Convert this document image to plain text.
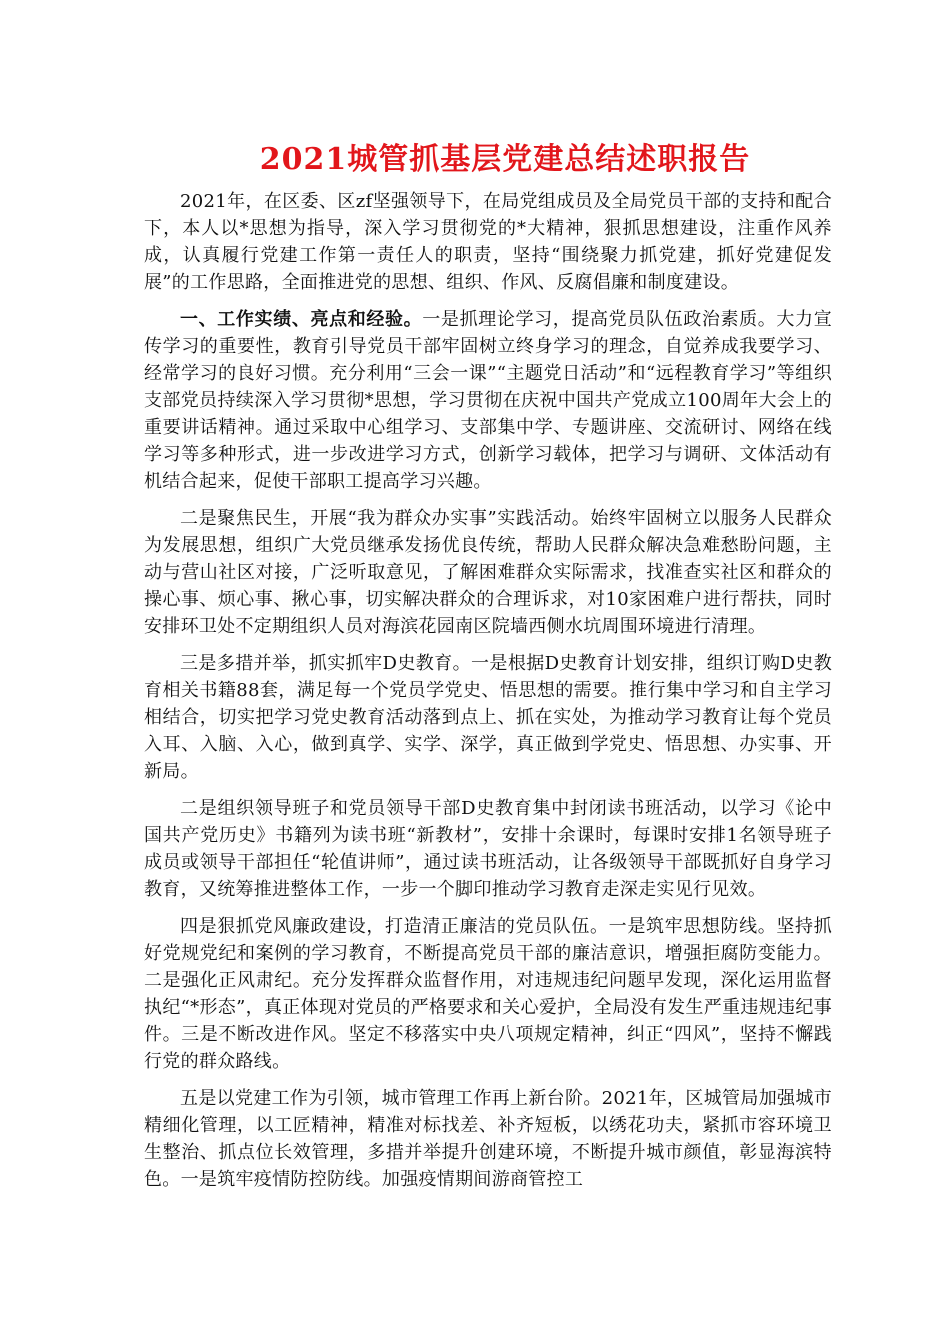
2021城管抓基层党建总结述职报告

2021年，在区委、区zf坚强领导下，在局党组成员及全局党员干部的支持和配合下，本人以*思想为指导，深入学习贯彻党的*大精神，狠抓思想建设，注重作风养成，认真履行党建工作第一责任人的职责，坚持“围绕聚力抓党建，抓好党建促发展”的工作思路，全面推进党的思想、组织、作风、反腐倡廉和制度建设。

一、工作实绩、亮点和经验。一是抓理论学习，提高党员队伍政治素质。大力宣传学习的重要性，教育引导党员干部牢固树立终身学习的理念，自觉养成我要学习、经常学习的良好习惯。充分利用“三会一课”“主题党日活动”和“远程教育学习”等组织支部党员持续深入学习贯彻*思想，学习贯彻在庆祝中国共产党成立100周年大会上的重要讲话精神。通过采取中心组学习、支部集中学、专题讲座、交流研讨、网络在线学习等多种形式，进一步改进学习方式，创新学习载体，把学习与调研、文体活动有机结合起来，促使干部职工提高学习兴趣。

二是聚焦民生，开展“我为群众办实事”实践活动。始终牢固树立以服务人民群众为发展思想，组织广大党员继承发扬优良传统，帮助人民群众解决急难愁盼问题，主动与营山社区对接，广泛听取意见，了解困难群众实际需求，找准查实社区和群众的操心事、烦心事、揪心事，切实解决群众的合理诉求，对10家困难户进行帮扶，同时安排环卫处不定期组织人员对海滨花园南区院墙西侧水坑周围环境进行清理。

三是多措并举，抓实抓牢D史教育。一是根据D史教育计划安排，组织订购D史教育相关书籍88套，满足每一个党员学党史、悟思想的需要。推行集中学习和自主学习相结合，切实把学习党史教育活动落到点上、抓在实处，为推动学习教育让每个党员入耳、入脑、入心，做到真学、实学、深学，真正做到学党史、悟思想、办实事、开新局。

二是组织领导班子和党员领导干部D史教育集中封闭读书班活动，以学习《论中国共产党历史》书籍列为读书班“新教材”，安排十余课时，每课时安排1名领导班子成员或领导干部担任“轮值讲师”，通过读书班活动，让各级领导干部既抓好自身学习教育，又统筹推进整体工作，一步一个脚印推动学习教育走深走实见行见效。

四是狠抓党风廉政建设，打造清正廉洁的党员队伍。一是筑牢思想防线。坚持抓好党规党纪和案例的学习教育，不断提高党员干部的廉洁意识，增强拒腐防变能力。二是强化正风肃纪。充分发挥群众监督作用，对违规违纪问题早发现，深化运用监督执纪“*形态”，真正体现对党员的严格要求和关心爱护，全局没有发生严重违规违纪事件。三是不断改进作风。坚定不移落实中央八项规定精神，纠正“四风”，坚持不懈践行党的群众路线。

五是以党建工作为引领，城市管理工作再上新台阶。2021年，区城管局加强城市精细化管理，以工匠精神，精准对标找差、补齐短板，以绣花功夫，紧抓市容环境卫生整治、抓点位长效管理，多措并举提升创建环境，不断提升城市颜值，彰显海滨特色。一是筑牢疫情防控防线。加强疫情期间游商管控工
